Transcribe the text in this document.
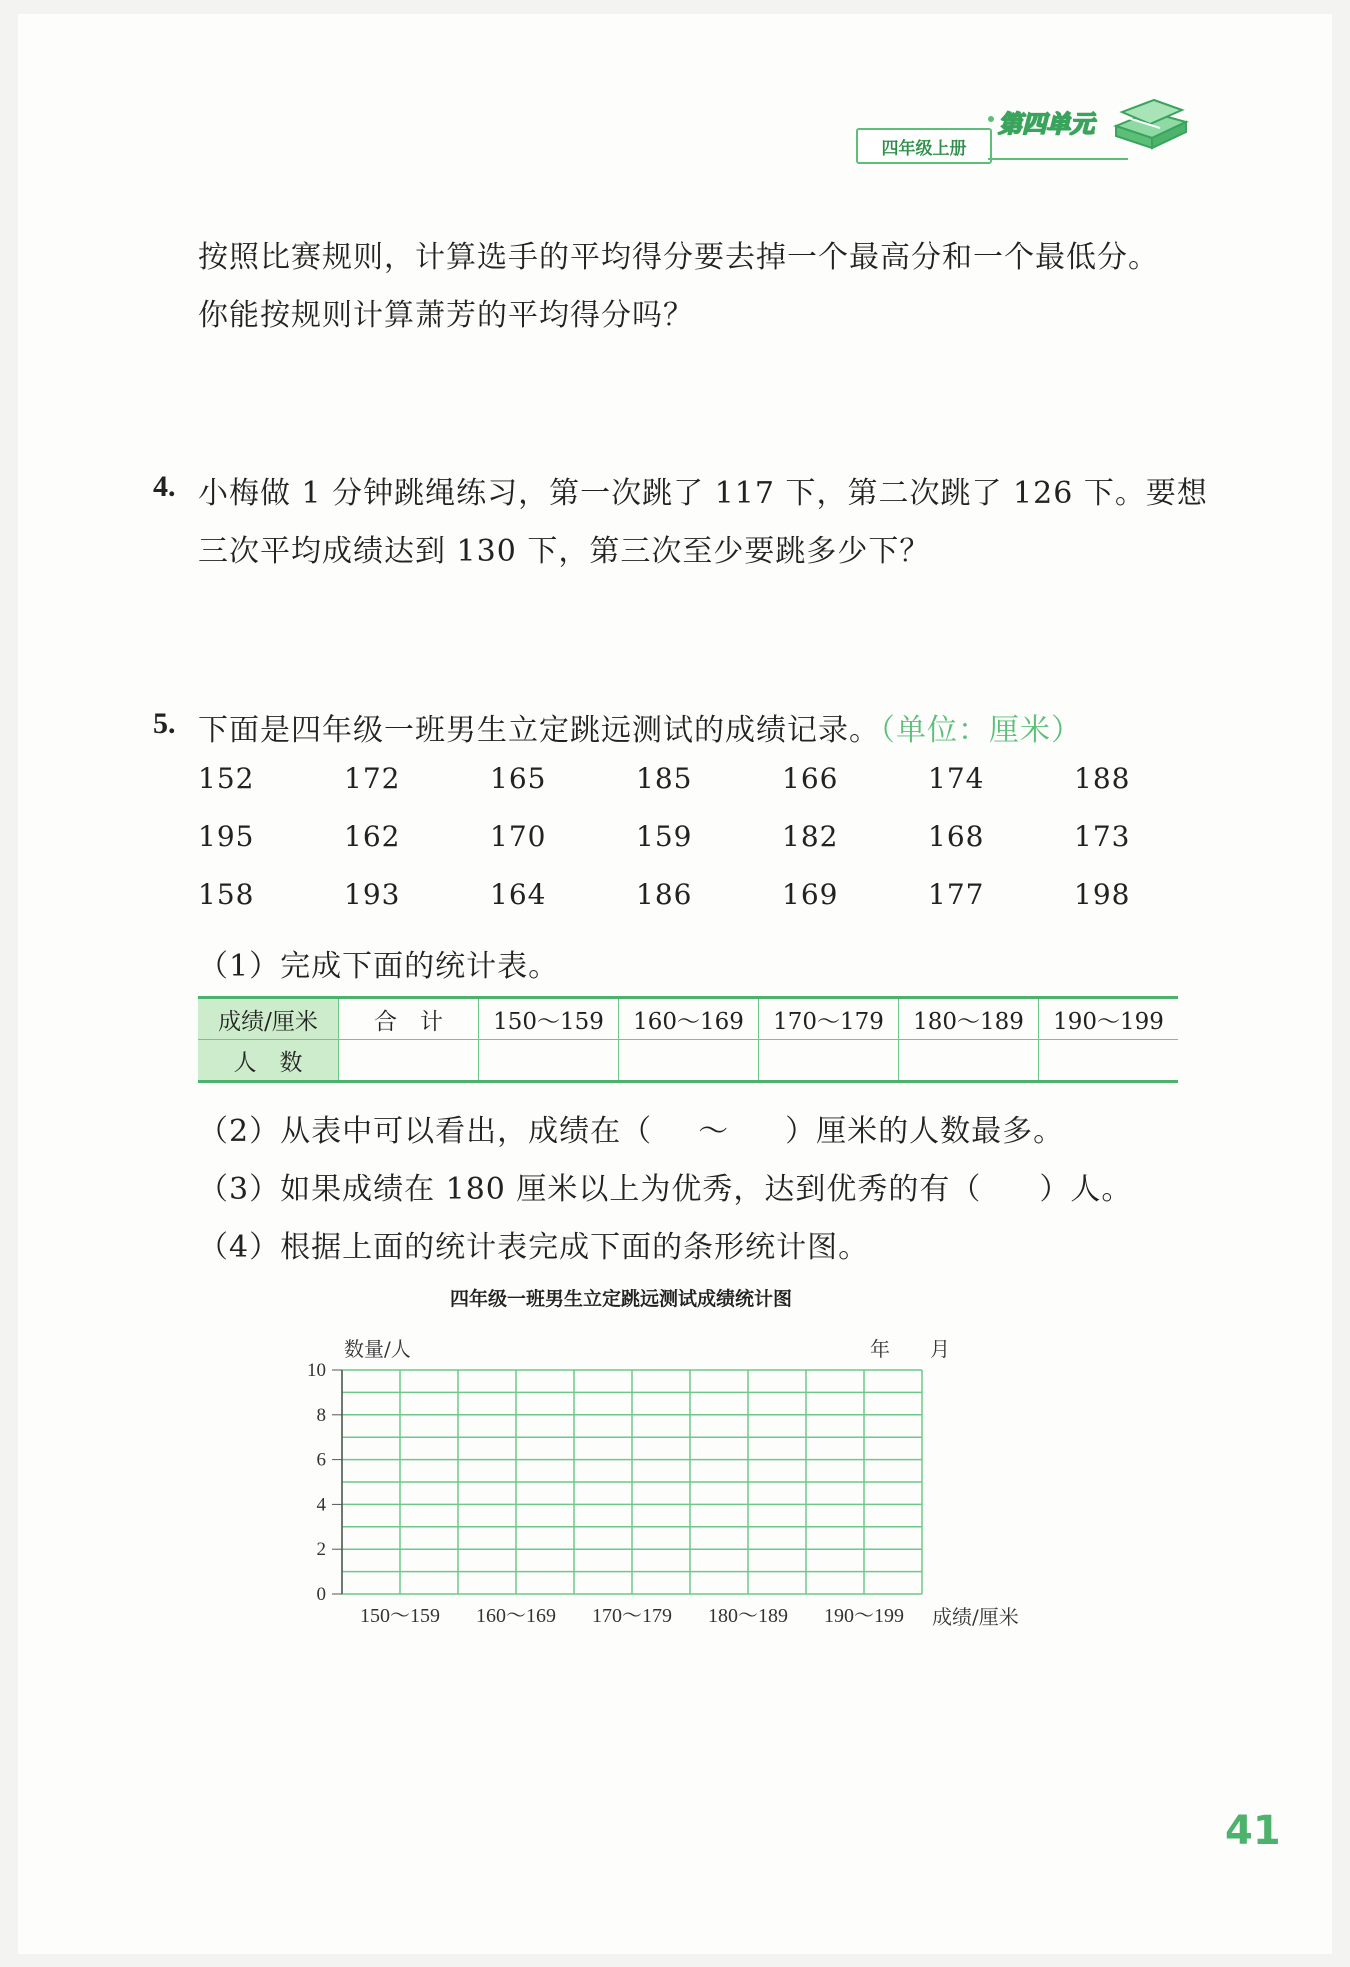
四年级上册
第四单元
按照比赛规则，计算选手的平均得分要去掉一个最高分和一个最低分。
你能按规则计算萧芳的平均得分吗？
4. 小梅做 1 分钟跳绳练习，第一次跳了 117 下，第二次跳了 126 下。要想
三次平均成绩达到 130 下，第三次至少要跳多少下？
5. 下面是四年级一班男生立定跳远测试的成绩记录。（单位：厘米）
152	172	165	185	166	174	188
195	162	170	159	182	168	173
158	193	164	186	169	177	198
（1）完成下面的统计表。
成绩/厘米	合　计	150～159	160～169	170～179	180～189	190～199
人　数						
（2）从表中可以看出，成绩在（ ～ ）厘米的人数最多。
（3）如果成绩在 180 厘米以上为优秀，达到优秀的有（ ）人。
（4）根据上面的统计表完成下面的条形统计图。
四年级一班男生立定跳远测试成绩统计图
0
2
4
6
8
10
150～159 160～169 170～179 180～189 190～199
数量/人	年　　月
成绩/厘米
41
